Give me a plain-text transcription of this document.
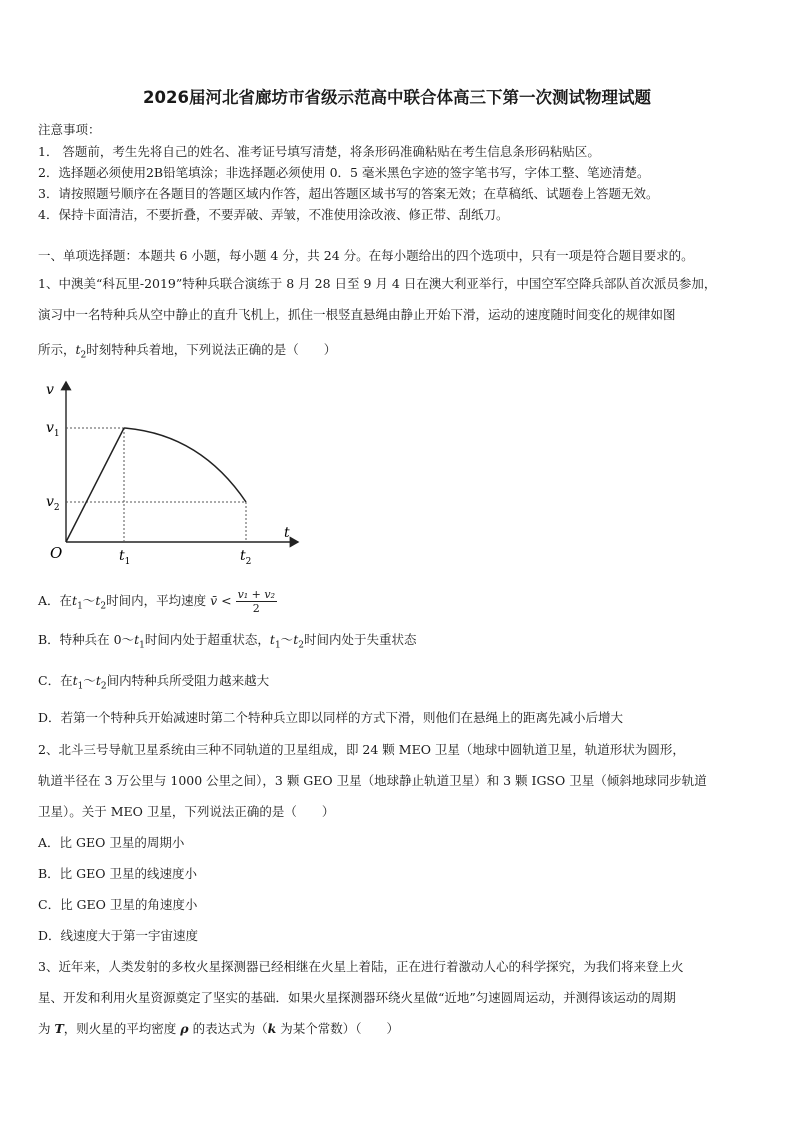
2026届河北省廊坊市省级示范高中联合体高三下第一次测试物理试题
注意事项：
1． 答题前，考生先将自己的姓名、准考证号填写清楚，将条形码准确粘贴在考生信息条形码粘贴区。
2．选择题必须使用2B铅笔填涂；非选择题必须使用 0．5 毫米黑色字迹的签字笔书写，字体工整、笔迹清楚。
3．请按照题号顺序在各题目的答题区域内作答，超出答题区域书写的答案无效；在草稿纸、试题卷上答题无效。
4．保持卡面清洁，不要折叠，不要弄破、弄皱，不准使用涂改液、修正带、刮纸刀。
一、单项选择题：本题共 6 小题，每小题 4 分，共 24 分。在每小题给出的四个选项中，只有一项是符合题目要求的。
1、中澳美“科瓦里-2019”特种兵联合演练于 8 月 28 日至 9 月 4 日在澳大利亚举行，中国空军空降兵部队首次派员参加，
演习中一名特种兵从空中静止的直升飞机上，抓住一根竖直悬绳由静止开始下滑，运动的速度随时间变化的规律如图
所示，$t_2$时刻特种兵着地，下列说法正确的是（　　）
v
t
$v_1$
$v_2$
O	$t_1$	$t_2$
A．在$t_1\sim t_2$时间内，平均速度 v̄ < $\frac{\text{v₁ + v₂}}{2}$
B．特种兵在 $0\sim t_1$时间内处于超重状态，$t_1\sim t_2$时间内处于失重状态
C．在$t_1\sim t_2$间内特种兵所受阻力越来越大
D．若第一个特种兵开始减速时第二个特种兵立即以同样的方式下滑，则他们在悬绳上的距离先减小后增大
2、北斗三号导航卫星系统由三种不同轨道的卫星组成，即 24 颗 MEO 卫星（地球中圆轨道卫星，轨道形状为圆形，
轨道半径在 3 万公里与 1000 公里之间），3 颗 GEO 卫星（地球静止轨道卫星）和 3 颗 IGSO 卫星（倾斜地球同步轨道
卫星）。关于 MEO 卫星，下列说法正确的是（　　）
A．比 GEO 卫星的周期小
B．比 GEO 卫星的线速度小
C．比 GEO 卫星的角速度小
D．线速度大于第一宇宙速度
3、近年来，人类发射的多枚火星探测器已经相继在火星上着陆，正在进行着激动人心的科学探究，为我们将来登上火
星、开发和利用火星资源奠定了坚实的基础．如果火星探测器环绕火星做“近地”匀速圆周运动，并测得该运动的周期
为 T，则火星的平均密度 ρ 的表达式为（k 为某个常数）（　　）
